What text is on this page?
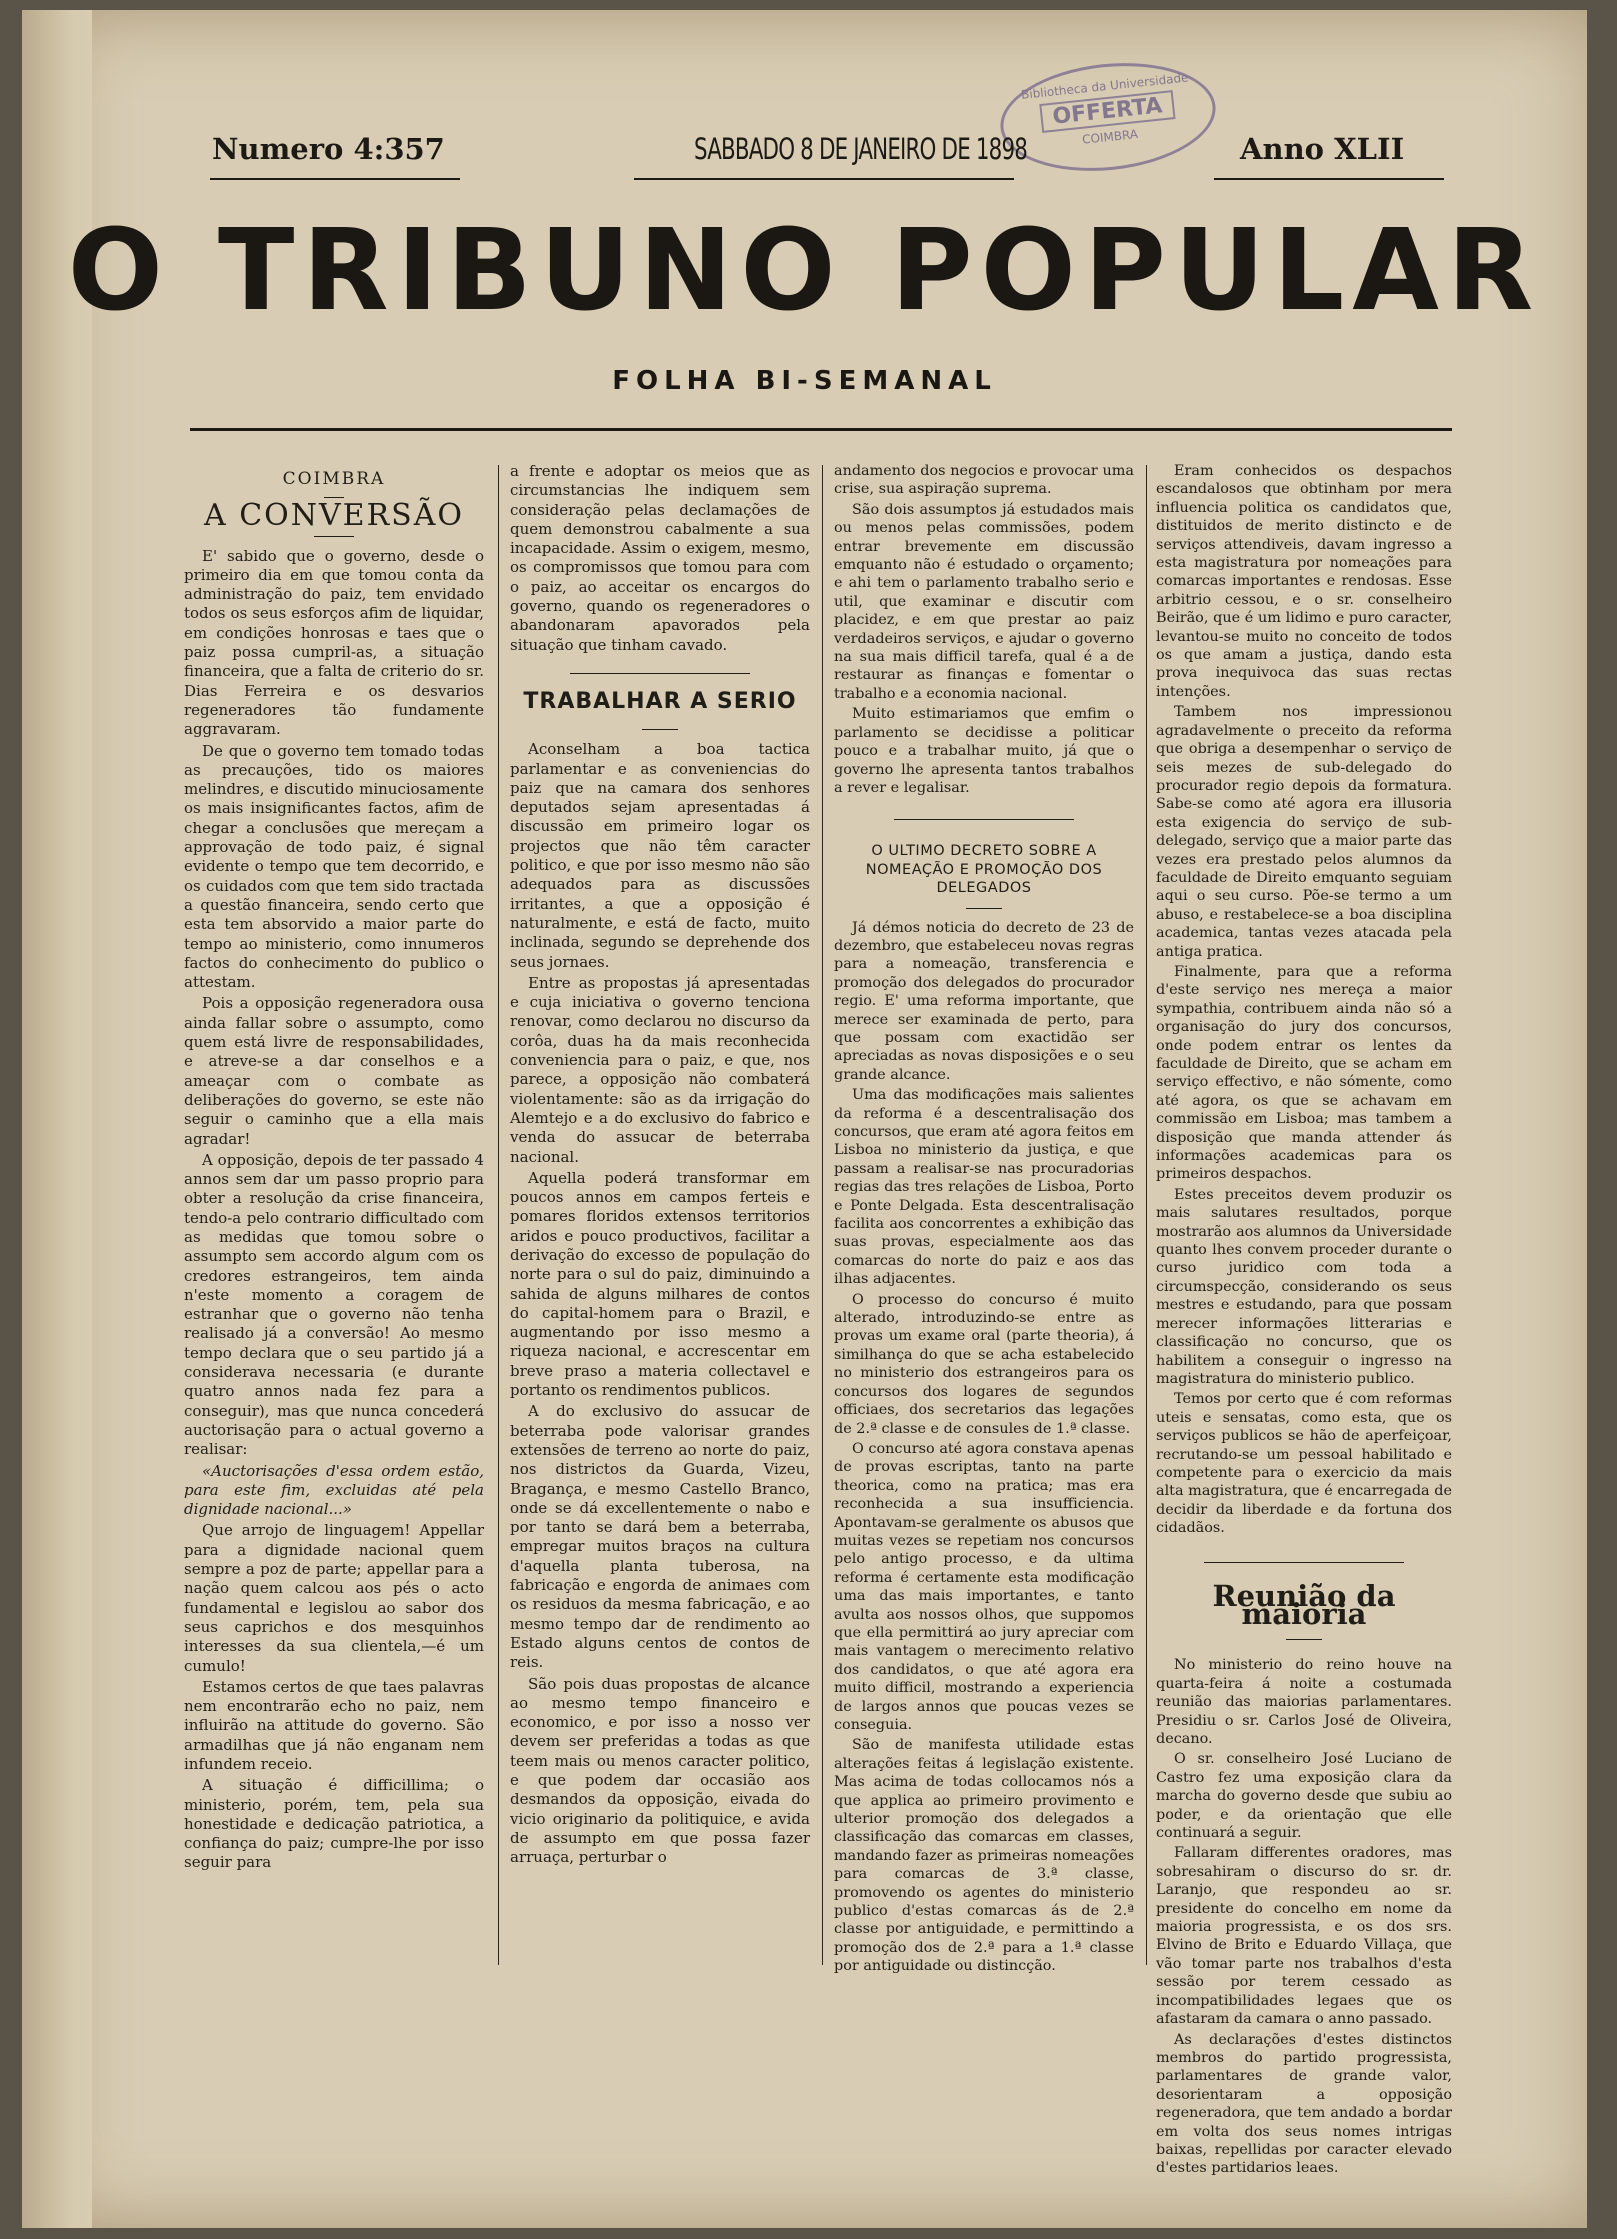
Bibliotheca da Universidade
OFFERTA
COIMBRA
Numero 4:357	SABBADO 8 DE JANEIRO DE 1898	Anno XLII
O TRIBUNO POPULAR
FOLHA BI-SEMANAL
COIMBRA
A CONVERSÃO

E' sabido que o governo, desde o primeiro dia em que tomou conta da administração do paiz, tem envidado todos os seus esforços afim de liquidar, em condições honrosas e taes que o paiz possa cumpril-as, a situação financeira, que a falta de criterio do sr. Dias Ferreira e os desvarios regeneradores tão fundamente aggravaram.

De que o governo tem tomado todas as precauções, tido os maiores melindres, e discutido minuciosamente os mais insignificantes factos, afim de chegar a conclusões que mereçam a approvação de todo paiz, é signal evidente o tempo que tem decorrido, e os cuidados com que tem sido tractada a questão financeira, sendo certo que esta tem absorvido a maior parte do tempo ao ministerio, como innumeros factos do conhecimento do publico o attestam.

Pois a opposição regeneradora ousa ainda fallar sobre o assumpto, como quem está livre de responsabilidades, e atreve-se a dar conselhos e a ameaçar com o combate as deliberações do governo, se este não seguir o caminho que a ella mais agradar!

A opposição, depois de ter passado 4 annos sem dar um passo proprio para obter a resolução da crise financeira, tendo-a pelo contrario difficultado com as medidas que tomou sobre o assumpto sem accordo algum com os credores estrangeiros, tem ainda n'este momento a coragem de estranhar que o governo não tenha realisado já a conversão! Ao mesmo tempo declara que o seu partido já a considerava necessaria (e durante quatro annos nada fez para a conseguir), mas que nunca concederá auctorisação para o actual governo a realisar:

«Auctorisações d'essa ordem estão, para este fim, excluidas até pela dignidade nacional...»

Que arrojo de linguagem! Appellar para a dignidade nacional quem sempre a poz de parte; appellar para a nação quem calcou aos pés o acto fundamental e legislou ao sabor dos seus caprichos e dos mesquinhos interesses da sua clientela,—é um cumulo!

Estamos certos de que taes palavras nem encontrarão echo no paiz, nem influirão na attitude do governo. São armadilhas que já não enganam nem infundem receio.

A situação é difficillima; o ministerio, porém, tem, pela sua honestidade e dedicação patriotica, a confiança do paiz; cumpre-lhe por isso seguir para

a frente e adoptar os meios que as circumstancias lhe indiquem sem consideração pelas declamações de quem demonstrou cabalmente a sua incapacidade. Assim o exigem, mesmo, os compromissos que tomou para com o paiz, ao acceitar os encargos do governo, quando os regeneradores o abandonaram apavorados pela situação que tinham cavado.

TRABALHAR A SERIO

Aconselham a boa tactica parlamentar e as conveniencias do paiz que na camara dos senhores deputados sejam apresentadas á discussão em primeiro logar os projectos que não têm caracter politico, e que por isso mesmo não são adequados para as discussões irritantes, a que a opposição é naturalmente, e está de facto, muito inclinada, segundo se deprehende dos seus jornaes.

Entre as propostas já apresentadas e cuja iniciativa o governo tenciona renovar, como declarou no discurso da corôa, duas ha da mais reconhecida conveniencia para o paiz, e que, nos parece, a opposição não combaterá violentamente: são as da irrigação do Alemtejo e a do exclusivo do fabrico e venda do assucar de beterraba nacional.

Aquella poderá transformar em poucos annos em campos ferteis e pomares floridos extensos territorios aridos e pouco productivos, facilitar a derivação do excesso de população do norte para o sul do paiz, diminuindo a sahida de alguns milhares de contos do capital-homem para o Brazil, e augmentando por isso mesmo a riqueza nacional, e accrescentar em breve praso a materia collectavel e portanto os rendimentos publicos.

A do exclusivo do assucar de beterraba pode valorisar grandes extensões de terreno ao norte do paiz, nos districtos da Guarda, Vizeu, Bragança, e mesmo Castello Branco, onde se dá excellentemente o nabo e por tanto se dará bem a beterraba, empregar muitos braços na cultura d'aquella planta tuberosa, na fabricação e engorda de animaes com os residuos da mesma fabricação, e ao mesmo tempo dar de rendimento ao Estado alguns centos de contos de reis.

São pois duas propostas de alcance ao mesmo tempo financeiro e economico, e por isso a nosso ver devem ser preferidas a todas as que teem mais ou menos caracter politico, e que podem dar occasião aos desmandos da opposição, eivada do vicio originario da politiquice, e avida de assumpto em que possa fazer arruaça, perturbar o

andamento dos negocios e provocar uma crise, sua aspiração suprema.

São dois assumptos já estudados mais ou menos pelas commissões, podem entrar brevemente em discussão emquanto não é estudado o orçamento; e ahi tem o parlamento trabalho serio e util, que examinar e discutir com placidez, e em que prestar ao paiz verdadeiros serviços, e ajudar o governo na sua mais difficil tarefa, qual é a de restaurar as finanças e fomentar o trabalho e a economia nacional.

Muito estimariamos que emfim o parlamento se decidisse a politicar pouco e a trabalhar muito, já que o governo lhe apresenta tantos trabalhos a rever e legalisar.

O ULTIMO DECRETO SOBRE A NOMEAÇÃO E PROMOÇÃO DOS DELEGADOS

Já démos noticia do decreto de 23 de dezembro, que estabeleceu novas regras para a nomeação, transferencia e promoção dos delegados do procurador regio. E' uma reforma importante, que merece ser examinada de perto, para que possam com exactidão ser apreciadas as novas disposições e o seu grande alcance.

Uma das modificações mais salientes da reforma é a descentralisação dos concursos, que eram até agora feitos em Lisboa no ministerio da justiça, e que passam a realisar-se nas procuradorias regias das tres relações de Lisboa, Porto e Ponte Delgada. Esta descentralisação facilita aos concorrentes a exhibição das suas provas, especialmente aos das comarcas do norte do paiz e aos das ilhas adjacentes.

O processo do concurso é muito alterado, introduzindo-se entre as provas um exame oral (parte theoria), á similhança do que se acha estabelecido no ministerio dos estrangeiros para os concursos dos logares de segundos officiaes, dos secretarios das legações de 2.ª classe e de consules de 1.ª classe.

O concurso até agora constava apenas de provas escriptas, tanto na parte theorica, como na pratica; mas era reconhecida a sua insufficiencia. Apontavam-se geralmente os abusos que muitas vezes se repetiam nos concursos pelo antigo processo, e da ultima reforma é certamente esta modificação uma das mais importantes, e tanto avulta aos nossos olhos, que suppomos que ella permittirá ao jury apreciar com mais vantagem o merecimento relativo dos candidatos, o que até agora era muito difficil, mostrando a experiencia de largos annos que poucas vezes se conseguia.

São de manifesta utilidade estas alterações feitas á legislação existente. Mas acima de todas collocamos nós a que applica ao primeiro provimento e ulterior promoção dos delegados a classificação das comarcas em classes, mandando fazer as primeiras nomeações para comarcas de 3.ª classe, promovendo os agentes do ministerio publico d'estas comarcas ás de 2.ª classe por antiguidade, e permittindo a promoção dos de 2.ª para a 1.ª classe por antiguidade ou distincção.

Eram conhecidos os despachos escandalosos que obtinham por mera influencia politica os candidatos que, distituidos de merito distincto e de serviços attendiveis, davam ingresso a esta magistratura por nomeações para comarcas importantes e rendosas. Esse arbitrio cessou, e o sr. conselheiro Beirão, que é um lidimo e puro caracter, levantou-se muito no conceito de todos os que amam a justiça, dando esta prova inequivoca das suas rectas intenções.

Tambem nos impressionou agradavelmente o preceito da reforma que obriga a desempenhar o serviço de seis mezes de sub-delegado do procurador regio depois da formatura. Sabe-se como até agora era illusoria esta exigencia do serviço de sub-delegado, serviço que a maior parte das vezes era prestado pelos alumnos da faculdade de Direito emquanto seguiam aqui o seu curso. Põe-se termo a um abuso, e restabelece-se a boa disciplina academica, tantas vezes atacada pela antiga pratica.

Finalmente, para que a reforma d'este serviço nes mereça a maior sympathia, contribuem ainda não só a organisação do jury dos concursos, onde podem entrar os lentes da faculdade de Direito, que se acham em serviço effectivo, e não sómente, como até agora, os que se achavam em commissão em Lisboa; mas tambem a disposição que manda attender ás informações academicas para os primeiros despachos.

Estes preceitos devem produzir os mais salutares resultados, porque mostrarão aos alumnos da Universidade quanto lhes convem proceder durante o curso juridico com toda a circumspecção, considerando os seus mestres e estudando, para que possam merecer informações litterarias e classificação no concurso, que os habilitem a conseguir o ingresso na magistratura do ministerio publico.

Temos por certo que é com reformas uteis e sensatas, como esta, que os serviços publicos se hão de aperfeiçoar, recrutando-se um pessoal habilitado e competente para o exercicio da mais alta magistratura, que é encarregada de decidir da liberdade e da fortuna dos cidadãos.

Reunião da maioria

No ministerio do reino houve na quarta-feira á noite a costumada reunião das maiorias parlamentares. Presidiu o sr. Carlos José de Oliveira, decano.

O sr. conselheiro José Luciano de Castro fez uma exposição clara da marcha do governo desde que subiu ao poder, e da orientação que elle continuará a seguir.

Fallaram differentes oradores, mas sobresahiram o discurso do sr. dr. Laranjo, que respondeu ao sr. presidente do concelho em nome da maioria progressista, e os dos srs. Elvino de Brito e Eduardo Villaça, que vão tomar parte nos trabalhos d'esta sessão por terem cessado as incompatibilidades legaes que os afastaram da camara o anno passado.

As declarações d'estes distinctos membros do partido progressista, parlamentares de grande valor, desorientaram a opposição regeneradora, que tem andado a bordar em volta dos seus nomes intrigas baixas, repellidas por caracter elevado d'estes partidarios leaes.
